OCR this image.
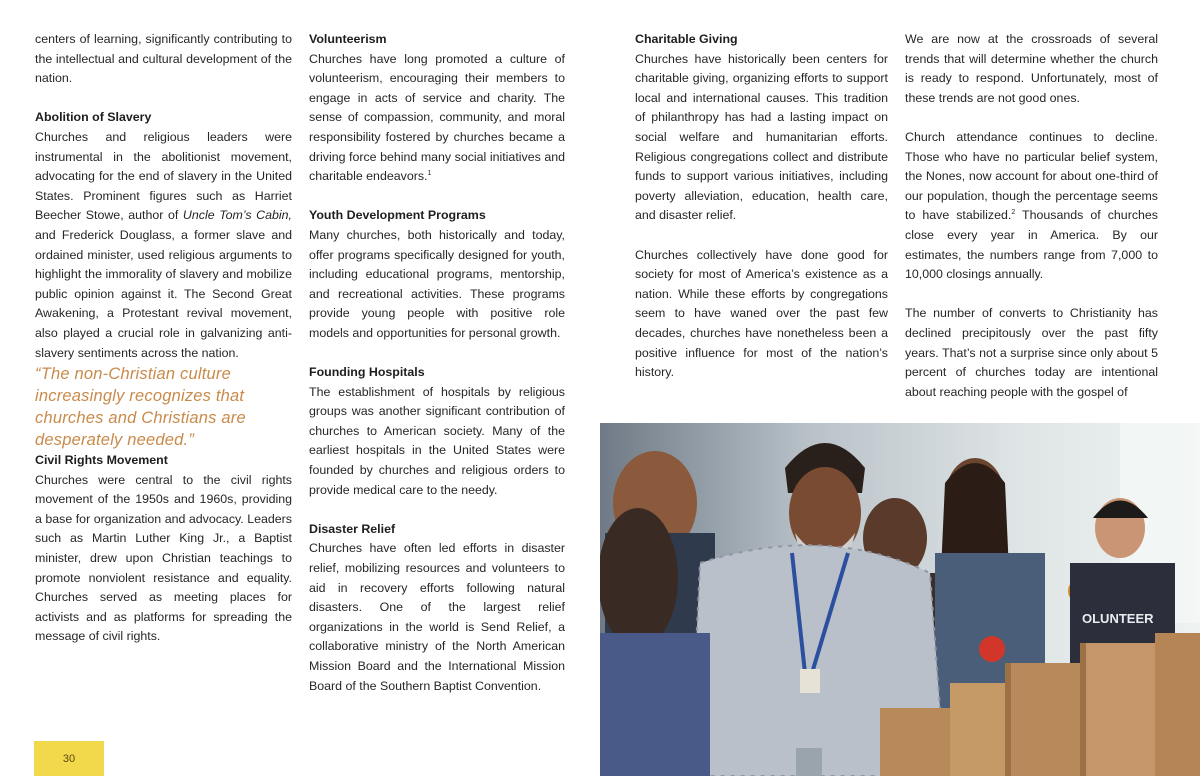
centers of learning, significantly contributing to the intellectual and cultural development of the nation.

Abolition of Slavery

Churches and religious leaders were instrumental in the abolitionist movement, advocating for the end of slavery in the United States. Prominent figures such as Harriet Beecher Stowe, author of Uncle Tom’s Cabin, and Frederick Douglass, a former slave and ordained minister, used religious arguments to highlight the immorality of slavery and mobilize public opinion against it. The Second Great Awakening, a Protestant revival movement, also played a crucial role in galvanizing anti-slavery sentiments across the nation.

“The non-Christian culture increasingly recognizes that churches and Christians are desperately needed.”

Civil Rights Movement

Churches were central to the civil rights movement of the 1950s and 1960s, providing a base for organization and advocacy. Leaders such as Martin Luther King Jr., a Baptist minister, drew upon Christian teachings to promote nonviolent resistance and equality. Churches served as meeting places for activists and as platforms for spreading the message of civil rights.

Volunteerism

Churches have long promoted a culture of volunteerism, encouraging their members to engage in acts of service and charity. The sense of compassion, community, and moral responsibility fostered by churches became a driving force behind many social initiatives and charitable endeavors.$^1$

Youth Development Programs

Many churches, both historically and today, offer programs specifically designed for youth, including educational programs, mentorship, and recreational activities. These programs provide young people with positive role models and opportunities for personal growth.

Founding Hospitals

The establishment of hospitals by religious groups was another significant contribution of churches to American society. Many of the earliest hospitals in the United States were founded by churches and religious orders to provide medical care to the needy.

Disaster Relief

Churches have often led efforts in disaster relief, mobilizing resources and volunteers to aid in recovery efforts following natural disasters. One of the largest relief organizations in the world is Send Relief, a collaborative ministry of the North American Mission Board and the International Mission Board of the Southern Baptist Convention.

30
Charitable Giving

Churches have historically been centers for charitable giving, organizing efforts to support local and international causes. This tradition of philanthropy has had a lasting impact on social welfare and humanitarian efforts. Religious congregations collect and distribute funds to support various initiatives, including poverty alleviation, education, health care, and disaster relief.

Churches collectively have done good for society for most of America’s existence as a nation. While these efforts by congregations seem to have waned over the past few decades, churches have nonetheless been a positive influence for most of the nation’s history.

We are now at the crossroads of several trends that will determine whether the church is ready to respond. Unfortunately, most of these trends are not good ones.

Church attendance continues to decline. Those who have no particular belief system, the Nones, now account for about one-third of our population, though the percentage seems to have stabilized.$^2$ Thousands of churches close every year in America. By our estimates, the numbers range from 7,000 to 10,000 closings annually.

The number of converts to Christianity has declined precipitously over the past fifty years. That’s not a surprise since only about 5 percent of churches today are intentional about reaching people with the gospel of

OLUNTEER
